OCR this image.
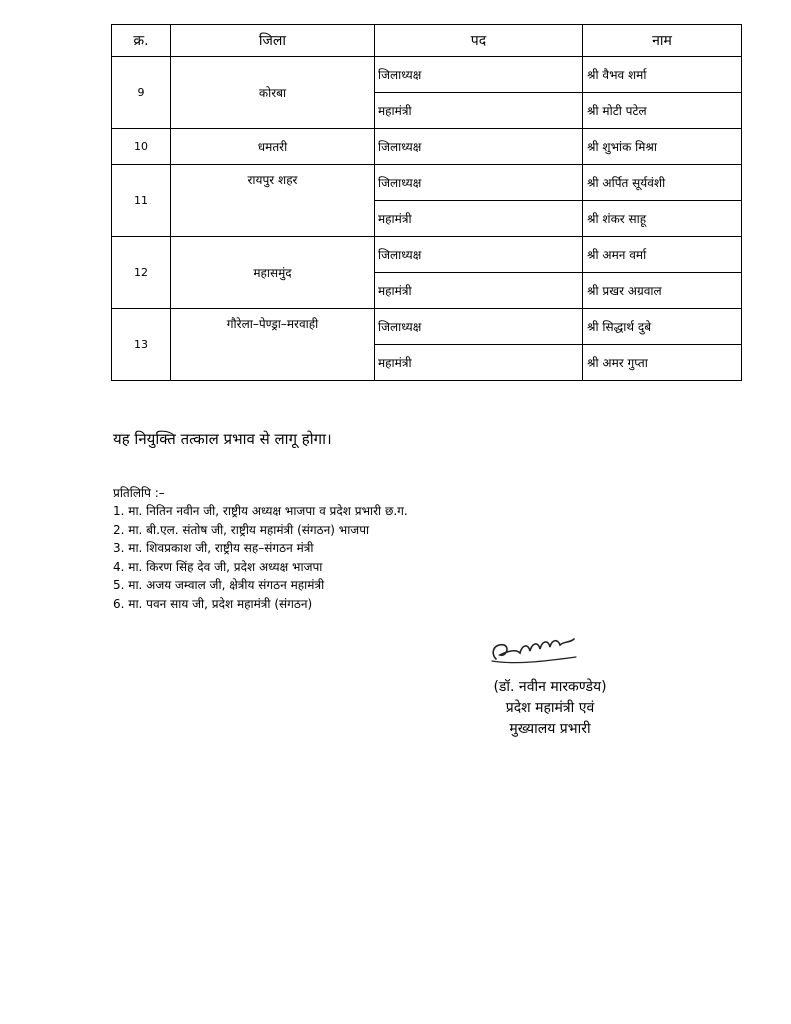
क्र.	जिला	पद	नाम
9	कोरबा	जिलाध्यक्ष	श्री वैभव शर्मा
		महामंत्री	श्री मोटी पटेल
10	धमतरी	जिलाध्यक्ष	श्री शुभांक मिश्रा
11	रायपुर शहर	जिलाध्यक्ष	श्री अर्पित सूर्यवंशी
		महामंत्री	श्री शंकर साहू
12	महासमुंद	जिलाध्यक्ष	श्री अमन वर्मा
		महामंत्री	श्री प्रखर अग्रवाल
13	गौरेला–पेण्ड्रा–मरवाही	जिलाध्यक्ष	श्री सिद्धार्थ दुबे
		महामंत्री	श्री अमर गुप्ता
यह नियुक्ति तत्काल प्रभाव से लागू होगा।
प्रतिलिपि :–
1. मा. नितिन नवीन जी, राष्ट्रीय अध्यक्ष भाजपा व प्रदेश प्रभारी छ.ग.
2. मा. बी.एल. संतोष जी, राष्ट्रीय महामंत्री (संगठन) भाजपा
3. मा. शिवप्रकाश जी, राष्ट्रीय सह–संगठन मंत्री
4. मा. किरण सिंह देव जी, प्रदेश अध्यक्ष भाजपा
5. मा. अजय जम्वाल जी, क्षेत्रीय संगठन महामंत्री
6. मा. पवन साय जी, प्रदेश महामंत्री (संगठन)
(डॉ. नवीन मारकण्डेय)
प्रदेश महामंत्री एवं
मुख्यालय प्रभारी
